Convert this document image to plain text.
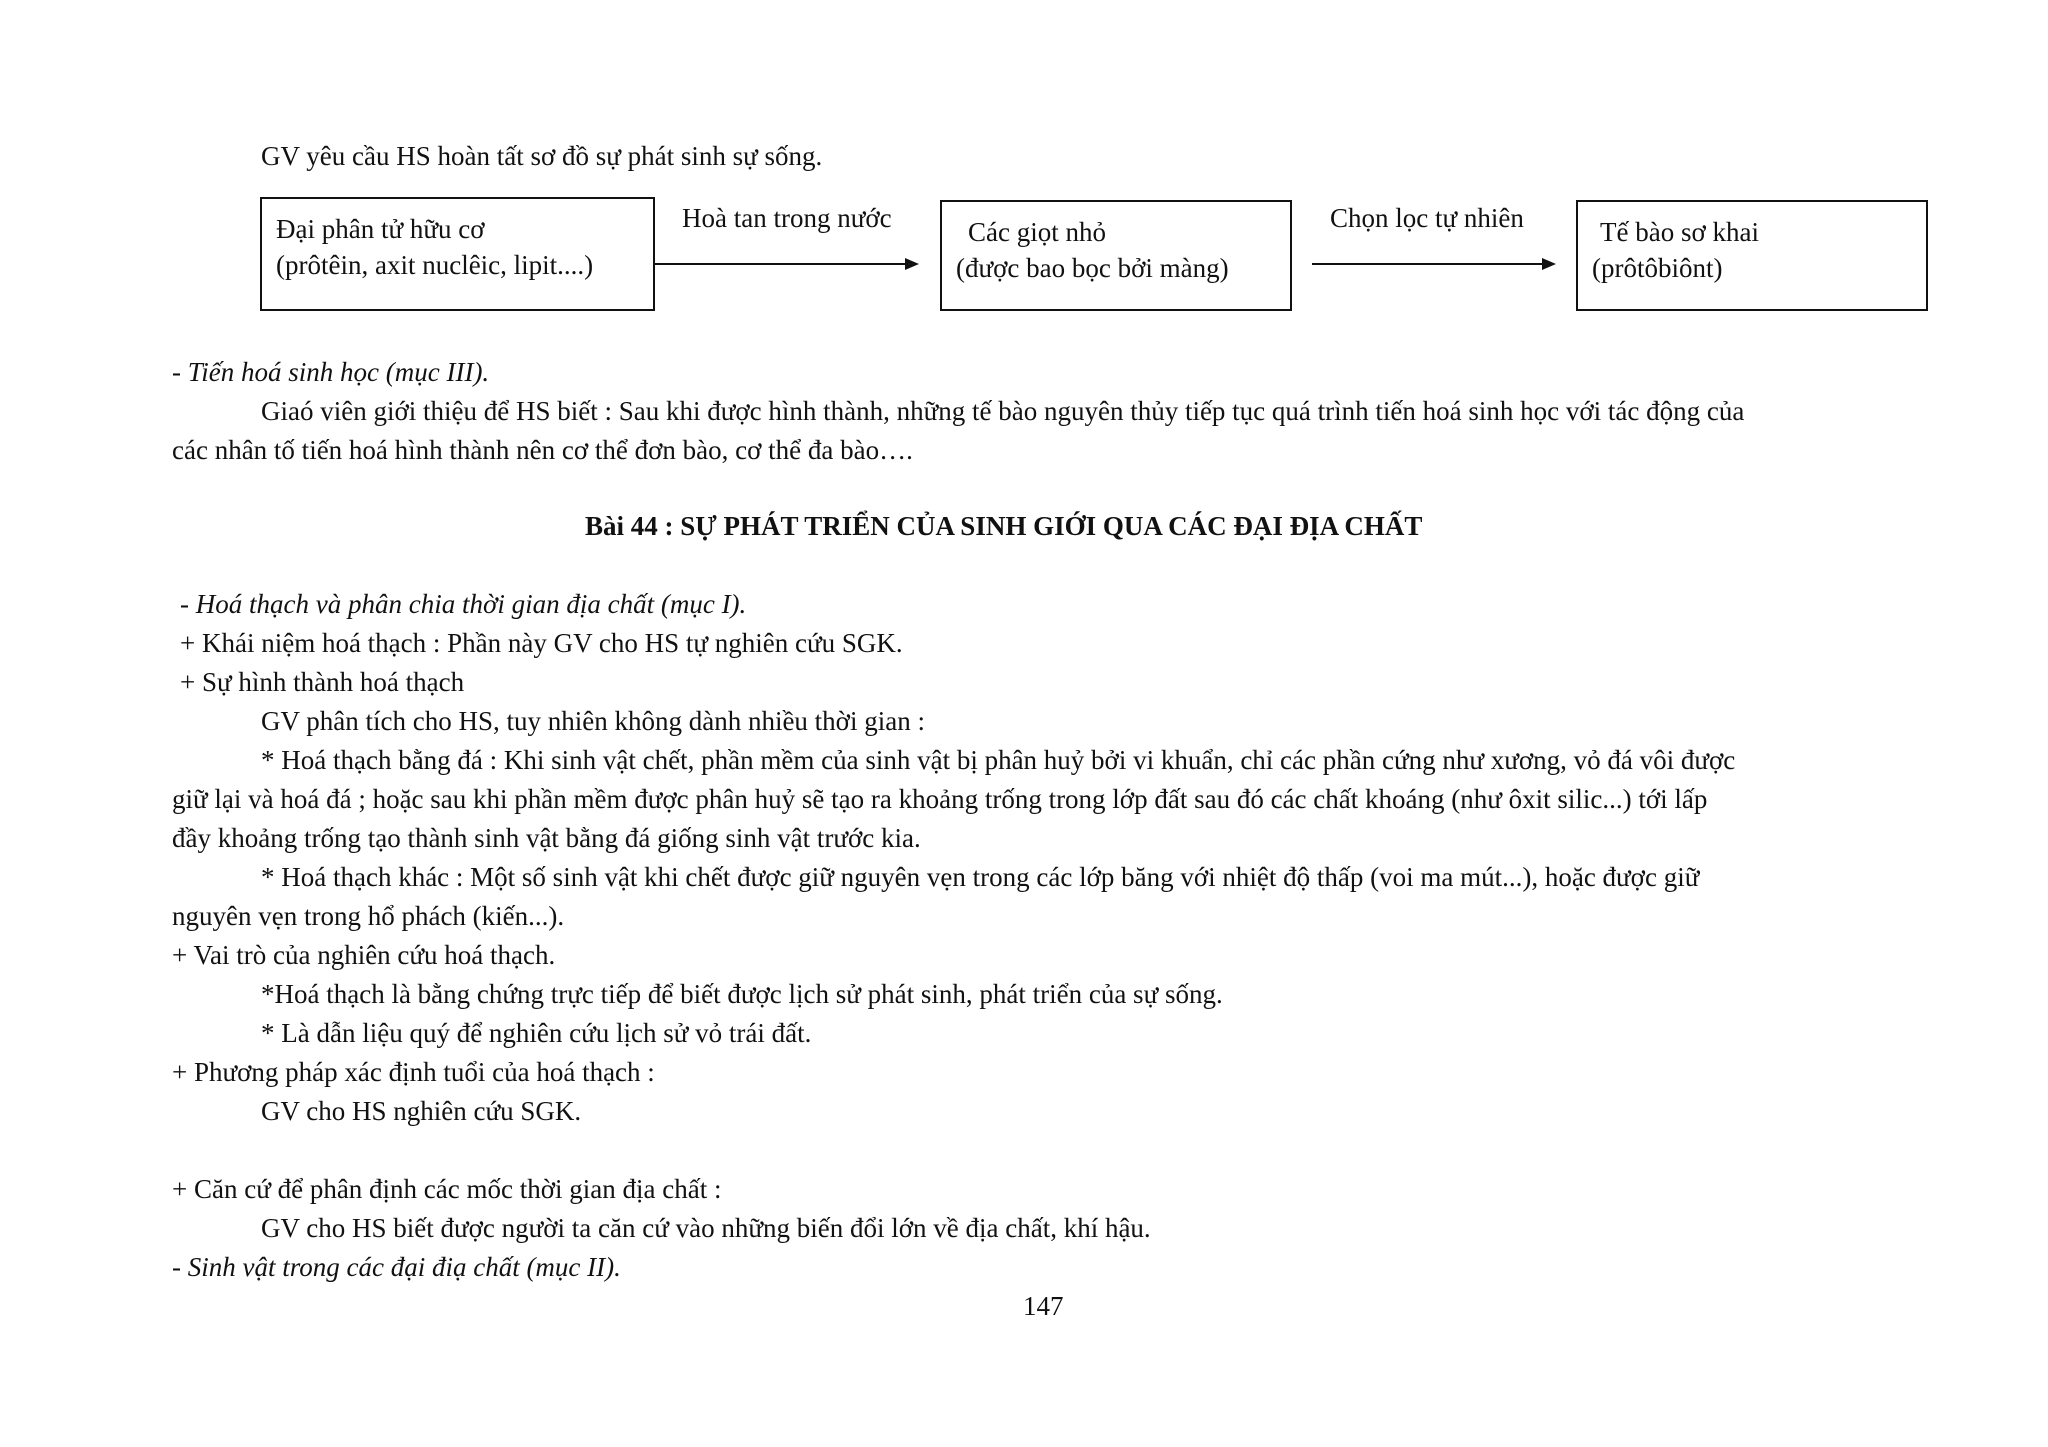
GV yêu cầu HS hoàn tất sơ đồ sự phát sinh sự sống.
Đại phân tử hữu cơ
(prôtêin, axit nuclêic, lipit....)
Hoà tan trong nước	Các giọt nhỏ
(được bao bọc bởi màng)
Chọn lọc tự nhiên	Tế bào sơ khai
(prôtôbiônt)
- Tiến hoá sinh học (mục III).
Giaó viên giới thiệu để HS biết : Sau khi được hình thành, những tế bào nguyên thủy tiếp tục quá trình tiến hoá sinh học với tác động của
các nhân tố tiến hoá hình thành nên cơ thể đơn bào, cơ thể đa bào….
Bài 44 : SỰ PHÁT TRIỂN CỦA SINH GIỚI QUA CÁC ĐẠI ĐỊA CHẤT
- Hoá thạch và phân chia thời gian địa chất (mục I).
+ Khái niệm hoá thạch : Phần này GV cho HS tự nghiên cứu SGK.
+ Sự hình thành hoá thạch
GV phân tích cho HS, tuy nhiên không dành nhiều thời gian :
* Hoá thạch bằng đá : Khi sinh vật chết, phần mềm của sinh vật bị phân huỷ bởi vi khuẩn, chỉ các phần cứng như xương, vỏ đá vôi được
giữ lại và hoá đá ; hoặc sau khi phần mềm được phân huỷ sẽ tạo ra khoảng trống trong lớp đất sau đó các chất khoáng (như ôxit silic...) tới lấp
đầy khoảng trống tạo thành sinh vật bằng đá giống sinh vật trước kia.
* Hoá thạch khác : Một số sinh vật khi chết được giữ nguyên vẹn trong các lớp băng với nhiệt độ thấp (voi ma mút...), hoặc được giữ
nguyên vẹn trong hổ phách (kiến...).
+ Vai trò của nghiên cứu hoá thạch.
*Hoá thạch là bằng chứng trực tiếp để biết được lịch sử phát sinh, phát triển của sự sống.
* Là dẫn liệu quý để nghiên cứu lịch sử vỏ trái đất.
+ Phương pháp xác định tuổi của hoá thạch :
GV cho HS nghiên cứu SGK.
+ Căn cứ để phân định các mốc thời gian địa chất :
GV cho HS biết được người ta căn cứ vào những biến đổi lớn về địa chất, khí hậu.
- Sinh vật trong các đại điạ chất (mục II).
147
